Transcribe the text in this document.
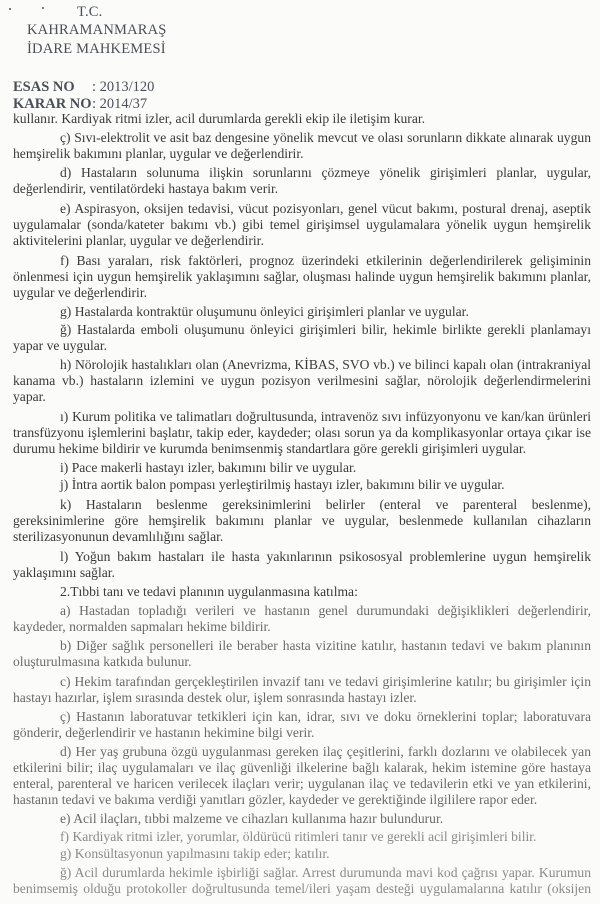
T.C.
KAHRAMANMARAŞ
İDARE MAHKEMESİ
ESAS NO : 2013/120
KARAR NO : 2014/37
kullanır. Kardiyak ritmi izler, acil durumlarda gerekli ekip ile iletişim kurar.
ç) Sıvı-elektrolit ve asit baz dengesine yönelik mevcut ve olası sorunların dikkate alınarak uygun
hemşirelik bakımını planlar, uygular ve değerlendirir.
d) Hastaların solunuma ilişkin sorunlarını çözmeye yönelik girişimleri planlar, uygular,
değerlendirir, ventilatördeki hastaya bakım verir.
e) Aspirasyon, oksijen tedavisi, vücut pozisyonları, genel vücut bakımı, postural drenaj, aseptik
uygulamalar (sonda/kateter bakımı vb.) gibi temel girişimsel uygulamalara yönelik uygun hemşirelik
aktivitelerini planlar, uygular ve değerlendirir.
f) Bası yaraları, risk faktörleri, prognoz üzerindeki etkilerinin değerlendirilerek gelişiminin
önlenmesi için uygun hemşirelik yaklaşımını sağlar, oluşması halinde uygun hemşirelik bakımını planlar,
uygular ve değerlendirir.
g) Hastalarda kontraktür oluşumunu önleyici girişimleri planlar ve uygular.
ğ) Hastalarda emboli oluşumunu önleyici girişimleri bilir, hekimle birlikte gerekli planlamayı
yapar ve uygular.
h) Nörolojik hastalıkları olan (Anevrizma, KİBAS, SVO vb.) ve bilinci kapalı olan (intrakraniyal
kanama vb.) hastaların izlemini ve uygun pozisyon verilmesini sağlar, nörolojik değerlendirmelerini
yapar.
ı) Kurum politika ve talimatları doğrultusunda, intravenöz sıvı infüzyonyonu ve kan/kan ürünleri
transfüzyonu işlemlerini başlatır, takip eder, kaydeder; olası sorun ya da komplikasyonlar ortaya çıkar ise
durumu hekime bildirir ve kurumda benimsenmiş standartlara göre gerekli girişimleri uygular.
i) Pace makerli hastayı izler, bakımını bilir ve uygular.
j) İntra aortik balon pompası yerleştirilmiş hastayı izler, bakımını bilir ve uygular.
k) Hastaların beslenme gereksinimlerini belirler (enteral ve parenteral beslenme),
gereksinimlerine göre hemşirelik bakımını planlar ve uygular, beslenmede kullanılan cihazların
sterilizasyonunun devamlılığını sağlar.
l) Yoğun bakım hastaları ile hasta yakınlarının psikososyal problemlerine uygun hemşirelik
yaklaşımını sağlar.
2.Tıbbi tanı ve tedavi planının uygulanmasına katılma:
a) Hastadan topladığı verileri ve hastanın genel durumundaki değişiklikleri değerlendirir,
kaydeder, normalden sapmaları hekime bildirir.
b) Diğer sağlık personelleri ile beraber hasta vizitine katılır, hastanın tedavi ve bakım planının
oluşturulmasına katkıda bulunur.
c) Hekim tarafından gerçekleştirilen invazif tanı ve tedavi girişimlerine katılır; bu girişimler için
hastayı hazırlar, işlem sırasında destek olur, işlem sonrasında hastayı izler.
ç) Hastanın laboratuvar tetkikleri için kan, idrar, sıvı ve doku örneklerini toplar; laboratuvara
gönderir, değerlendirir ve hastanın hekimine bilgi verir.
d) Her yaş grubuna özgü uygulanması gereken ilaç çeşitlerini, farklı dozlarını ve olabilecek yan
etkilerini bilir; ilaç uygulamaları ve ilaç güvenliği ilkelerine bağlı kalarak, hekim istemine göre hastaya
enteral, parenteral ve haricen verilecek ilaçları verir; uygulanan ilaç ve tedavilerin etki ve yan etkilerini,
hastanın tedavi ve bakıma verdiği yanıtları gözler, kaydeder ve gerektiğinde ilgililere rapor eder.
e) Acil ilaçları, tıbbi malzeme ve cihazları kullanıma hazır bulundurur.
f) Kardiyak ritmi izler, yorumlar, öldürücü ritimleri tanır ve gerekli acil girişimleri bilir.
g) Konsültasyonun yapılmasını takip eder; katılır.
ğ) Acil durumlarda hekimle işbirliği sağlar. Arrest durumunda mavi kod çağrısı yapar. Kurumun
benimsemiş olduğu protokoller doğrultusunda temel/ileri yaşam desteği uygulamalarına katılır (oksijen
